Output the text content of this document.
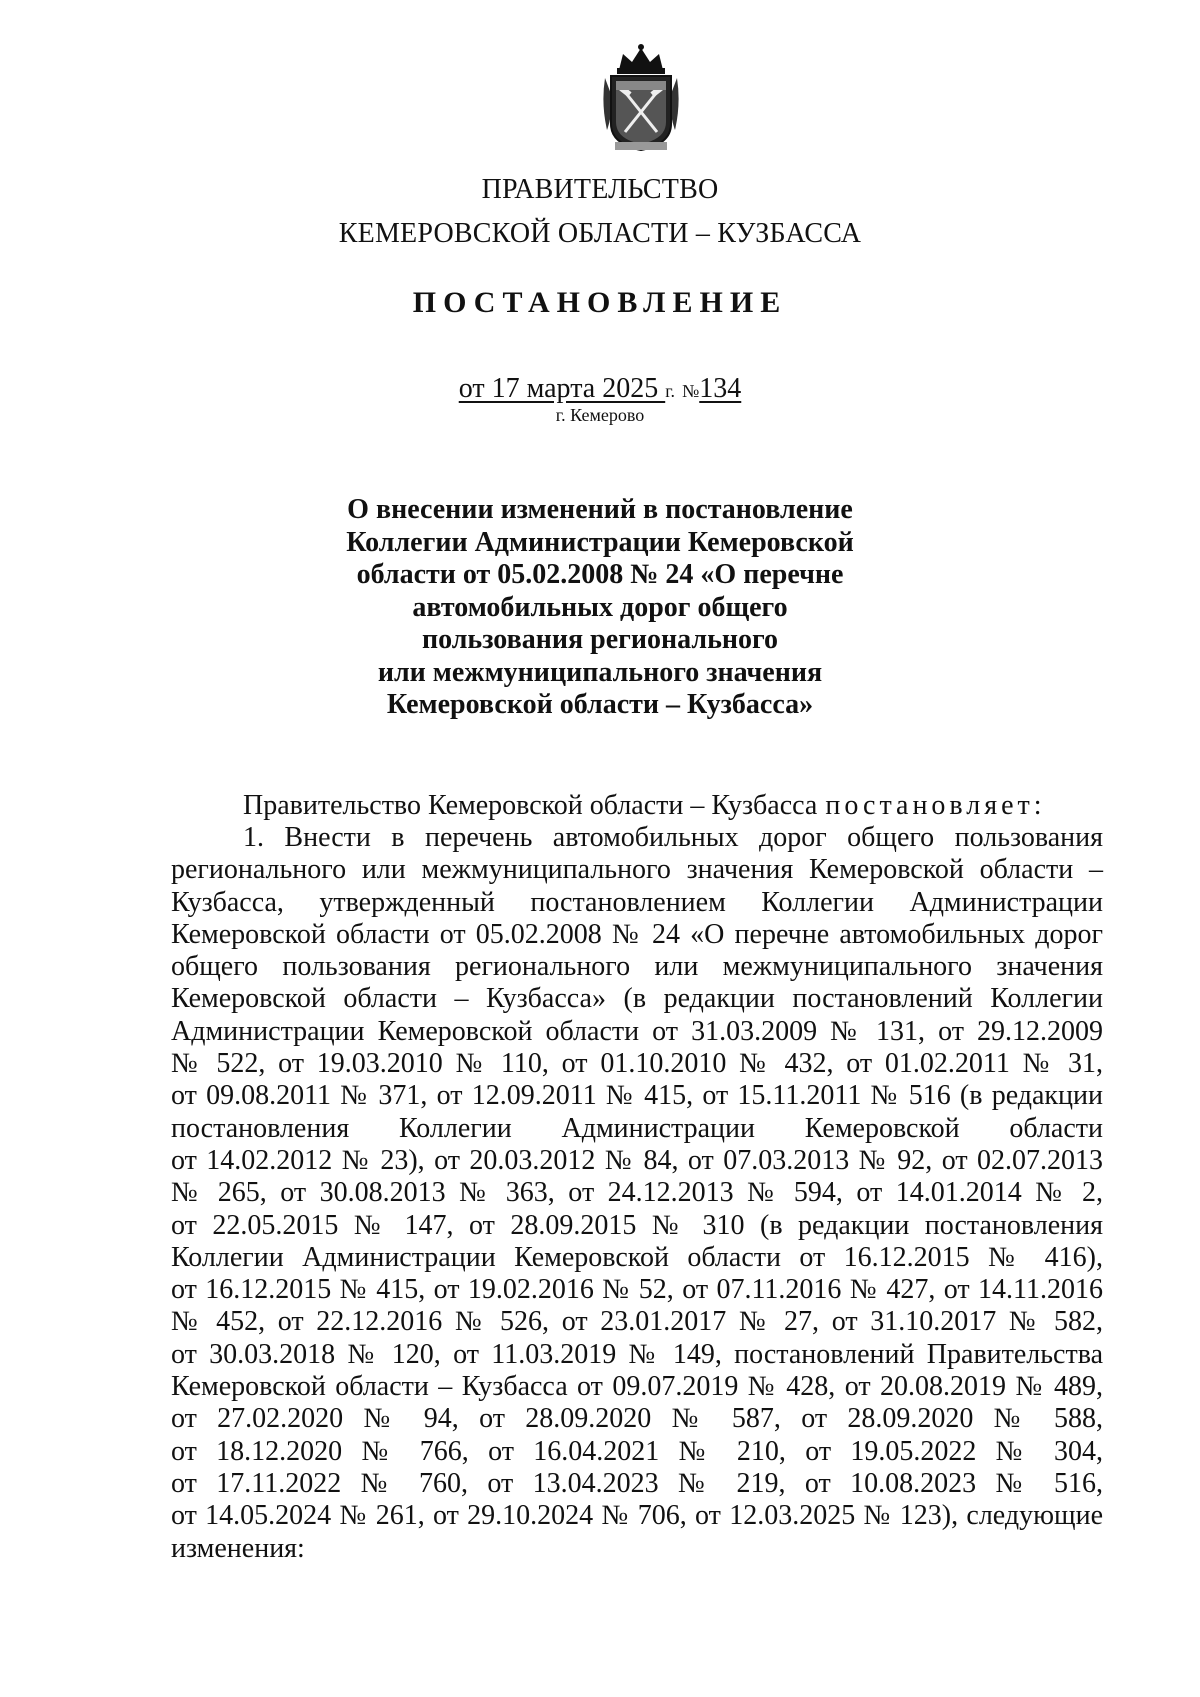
ПРАВИТЕЛЬСТВО
КЕМЕРОВСКОЙ ОБЛАСТИ – КУЗБАССА
ПОСТАНОВЛЕНИЕ
от 17 марта 2025 г. №134
г. Кемерово
О внесении изменений в постановление
Коллегии Администрации Кемеровской
области от 05.02.2008 № 24 «О перечне
автомобильных дорог общего
пользования регионального
или межмуниципального значения
Кемеровской области – Кузбасса»
Правительство Кемеровской области – Кузбасса постановляет:
1. Внести в перечень автомобильных дорог общего пользования
регионального или межмуниципального значения Кемеровской области –
Кузбасса, утвержденный постановлением Коллегии Администрации
Кемеровской области от 05.02.2008 № 24 «О перечне автомобильных дорог
общего пользования регионального или межмуниципального значения
Кемеровской области – Кузбасса» (в редакции постановлений Коллегии
Администрации Кемеровской области от 31.03.2009 № 131, от 29.12.2009
№ 522, от 19.03.2010 № 110, от 01.10.2010 № 432, от 01.02.2011 № 31,
от 09.08.2011 № 371, от 12.09.2011 № 415, от 15.11.2011 № 516 (в редакции
постановления Коллегии Администрации Кемеровской области
от 14.02.2012 № 23), от 20.03.2012 № 84, от 07.03.2013 № 92, от 02.07.2013
№ 265, от 30.08.2013 № 363, от 24.12.2013 № 594, от 14.01.2014 № 2,
от 22.05.2015 № 147, от 28.09.2015 № 310 (в редакции постановления
Коллегии Администрации Кемеровской области от 16.12.2015 № 416),
от 16.12.2015 № 415, от 19.02.2016 № 52, от 07.11.2016 № 427, от 14.11.2016
№ 452, от 22.12.2016 № 526, от 23.01.2017 № 27, от 31.10.2017 № 582,
от 30.03.2018 № 120, от 11.03.2019 № 149, постановлений Правительства
Кемеровской области – Кузбасса от 09.07.2019 № 428, от 20.08.2019 № 489,
от 27.02.2020 № 94, от 28.09.2020 № 587, от 28.09.2020 № 588,
от 18.12.2020 № 766, от 16.04.2021 № 210, от 19.05.2022 № 304,
от 17.11.2022 № 760, от 13.04.2023 № 219, от 10.08.2023 № 516,
от 14.05.2024 № 261, от 29.10.2024 № 706, от 12.03.2025 № 123), следующие
изменения:
